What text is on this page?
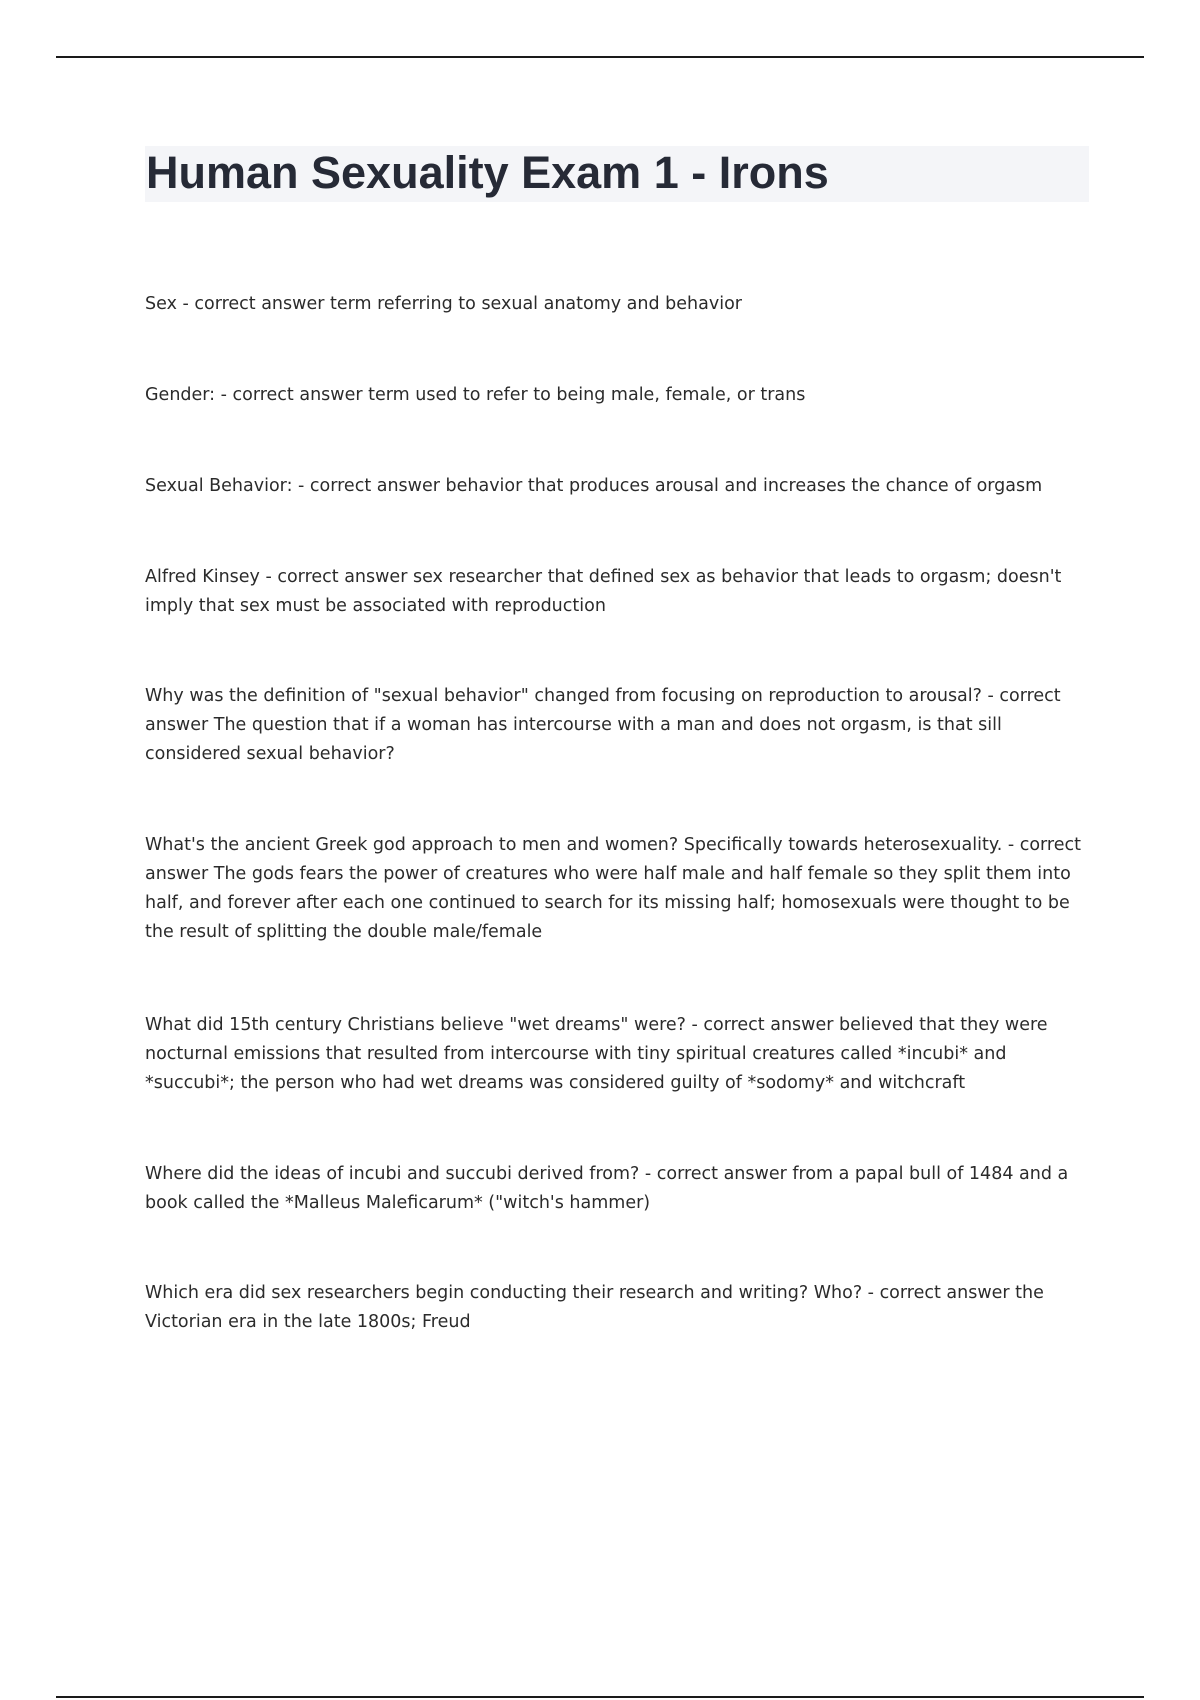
Human Sexuality Exam 1 - Irons

Sex - correct answer term referring to sexual anatomy and behavior

Gender: - correct answer term used to refer to being male, female, or trans

Sexual Behavior: - correct answer behavior that produces arousal and increases the chance of orgasm

Alfred Kinsey - correct answer sex researcher that defined sex as behavior that leads to orgasm; doesn't imply that sex must be associated with reproduction

Why was the definition of "sexual behavior" changed from focusing on reproduction to arousal? - correct answer The question that if a woman has intercourse with a man and does not orgasm, is that sill considered sexual behavior?

What's the ancient Greek god approach to men and women? Specifically towards heterosexuality. - correct answer The gods fears the power of creatures who were half male and half female so they split them into half, and forever after each one continued to search for its missing half; homosexuals were thought to be the result of splitting the double male/female

What did 15th century Christians believe "wet dreams" were? - correct answer believed that they were nocturnal emissions that resulted from intercourse with tiny spiritual creatures called *incubi* and *succubi*; the person who had wet dreams was considered guilty of *sodomy* and witchcraft

Where did the ideas of incubi and succubi derived from? - correct answer from a papal bull of 1484 and a book called the *Malleus Maleficarum* ("witch's hammer)

Which era did sex researchers begin conducting their research and writing? Who? - correct answer the Victorian era in the late 1800s; Freud
